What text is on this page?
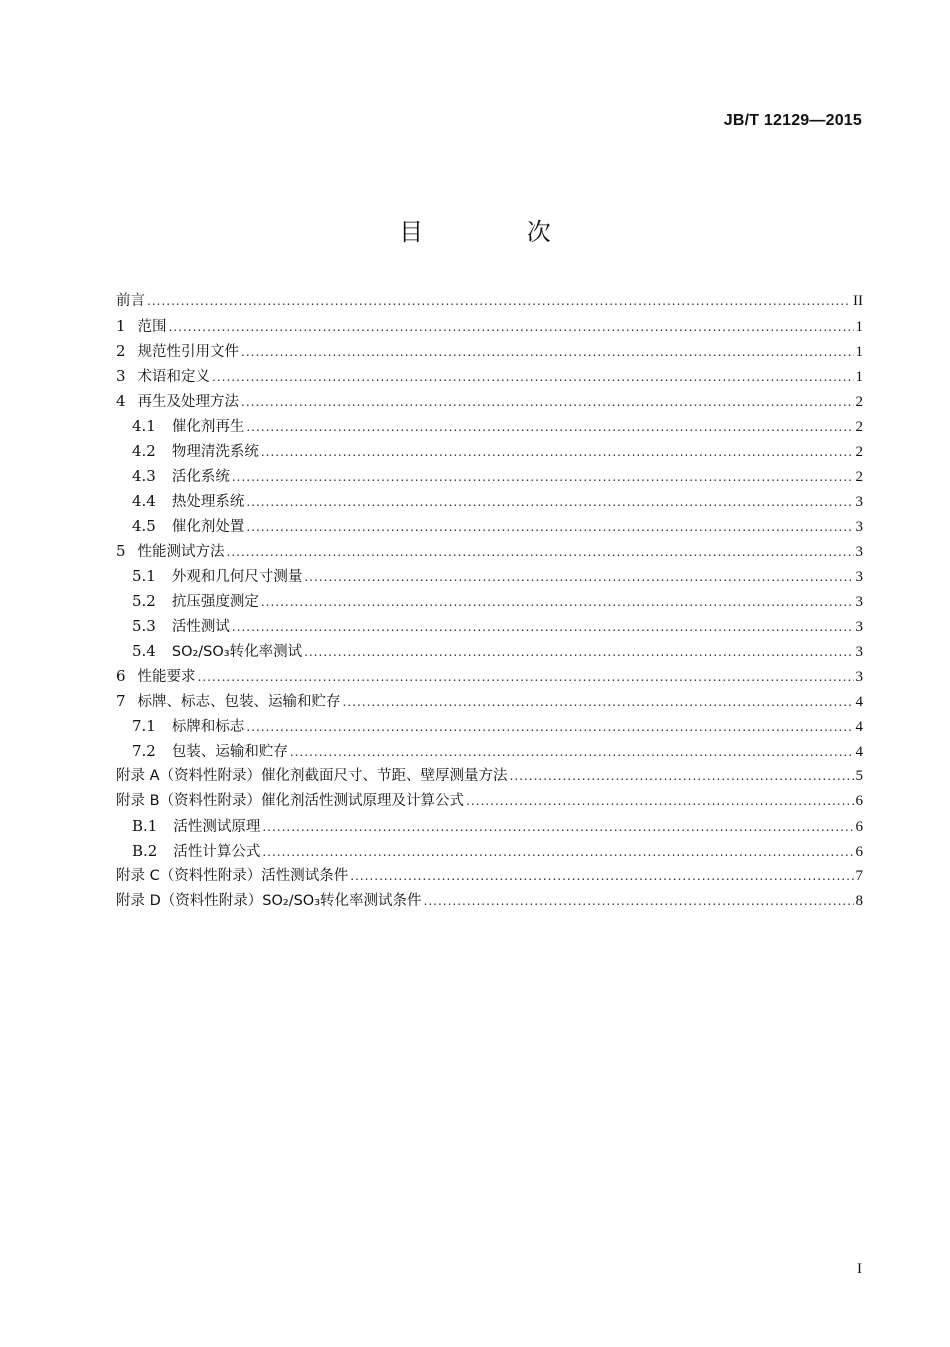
JB/T 12129—2015
目 次
前言 .....	II
1 范围 .....	1
2 规范性引用文件 .....	1
3 术语和定义 .....	1
4 再生及处理方法 .....	2
4.1 催化剂再生 .....	2
4.2 物理清洗系统 .....	2
4.3 活化系统 .....	2
4.4 热处理系统 .....	3
4.5 催化剂处置 .....	3
5 性能测试方法 .....	3
5.1 外观和几何尺寸测量 .....	3
5.2 抗压强度测定 .....	3
5.3 活性测试 .....	3
5.4 SO₂/SO₃转化率测试 .....	3
6 性能要求 .....	3
7 标牌、标志、包装、运输和贮存 .....	4
7.1 标牌和标志 .....	4
7.2 包装、运输和贮存 .....	4
附录 A（资料性附录）催化剂截面尺寸、节距、壁厚测量方法 .....	5
附录 B（资料性附录）催化剂活性测试原理及计算公式 .....	6
B.1 活性测试原理 .....	6
B.2 活性计算公式 .....	6
附录 C（资料性附录）活性测试条件 .....	7
附录 D（资料性附录）SO₂/SO₃转化率测试条件 .....	8
I
